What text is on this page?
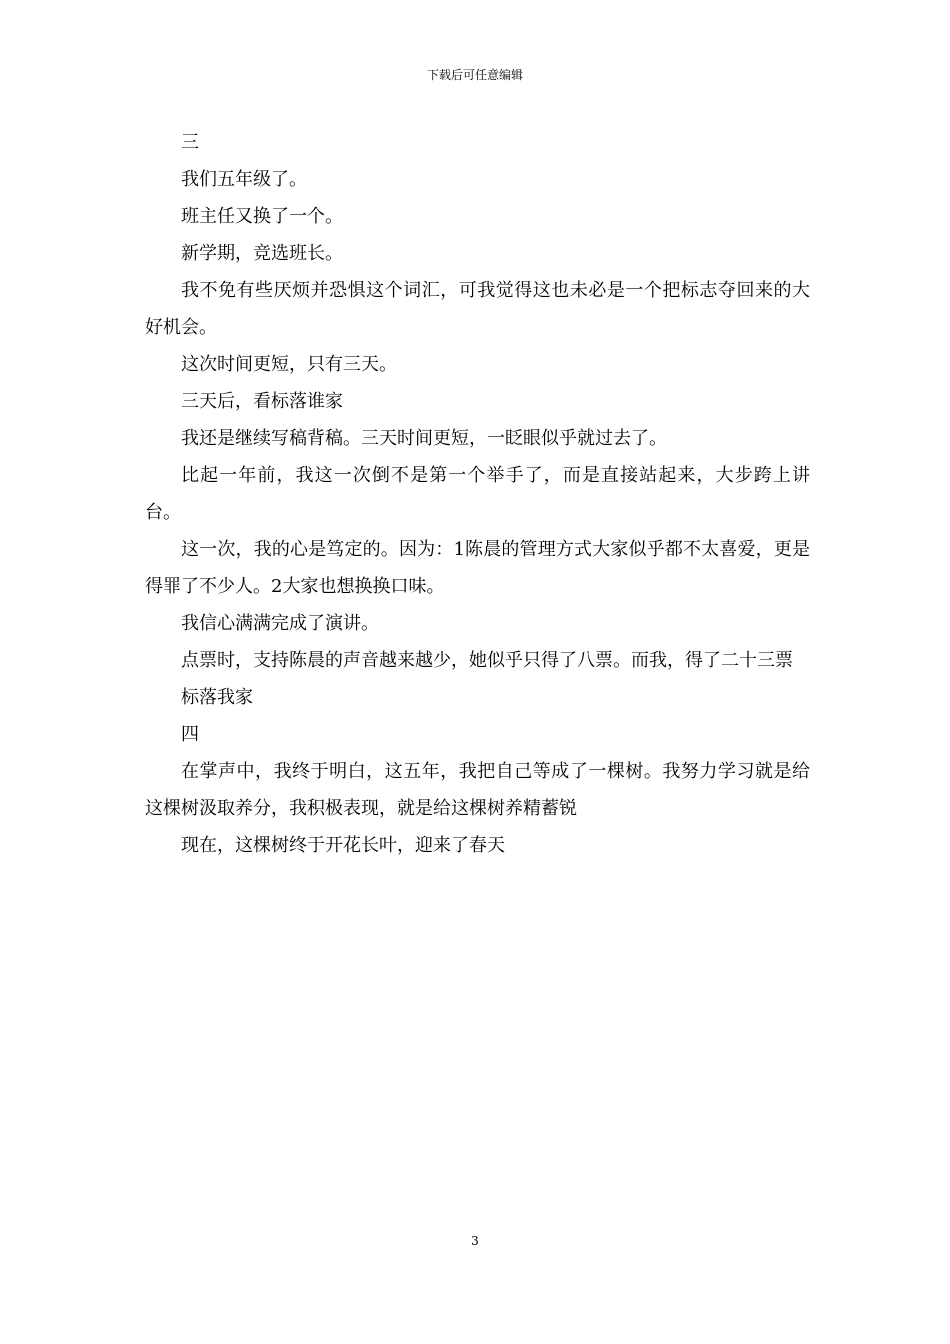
下载后可任意编辑

三

我们五年级了。

班主任又换了一个。

新学期，竞选班长。

我不免有些厌烦并恐惧这个词汇，可我觉得这也未必是一个把标志夺回来的大好机会。

这次时间更短，只有三天。

三天后，看标落谁家

我还是继续写稿背稿。三天时间更短，一眨眼似乎就过去了。

比起一年前，我这一次倒不是第一个举手了，而是直接站起来，大步跨上讲台。

这一次，我的心是笃定的。因为：1陈晨的管理方式大家似乎都不太喜爱，更是得罪了不少人。2大家也想换换口味。

我信心满满完成了演讲。

点票时，支持陈晨的声音越来越少，她似乎只得了八票。而我，得了二十三票

标落我家

四

在掌声中，我终于明白，这五年，我把自己等成了一棵树。我努力学习就是给这棵树汲取养分，我积极表现，就是给这棵树养精蓄锐

现在，这棵树终于开花长叶，迎来了春天

3
